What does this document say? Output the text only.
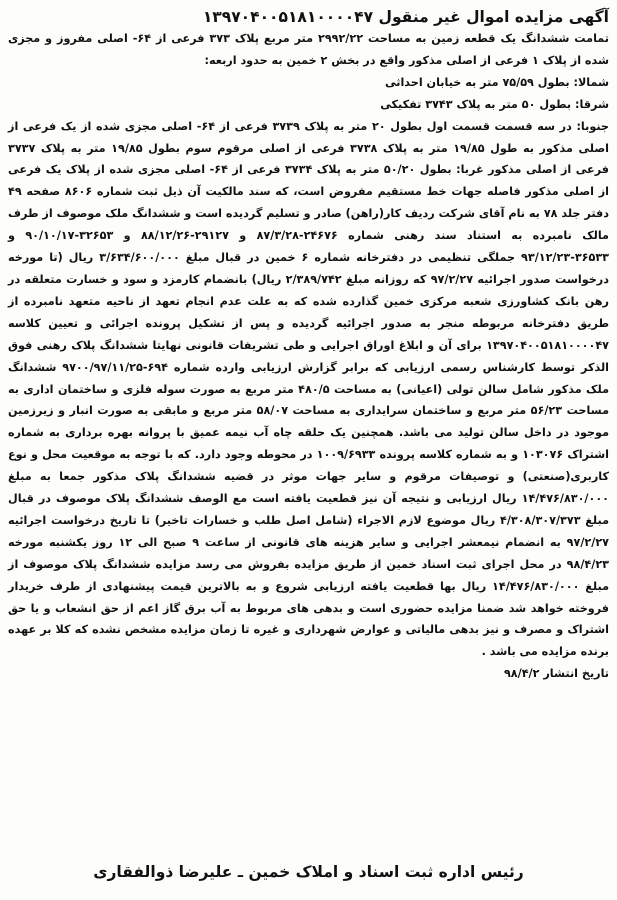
آگهی مزایده اموال غیر منقول ۱۳۹۷۰۴۰۰۵۱۸۱۰۰۰۰۴۷

تمامت ششدانگ یک قطعه زمین به مساحت ۲۹۹۲/۲۲ متر مربع پلاک ۳۷۳ فرعی از ۶۴- اصلی مفروز و مجزی شده از پلاک ۱ فرعی از اصلی مذکور واقع در بخش ۲ خمین به حدود اربعه:

شمالا: بطول ۷۵/۵۹ متر به خیابان احداثی

شرقا: بطول ۵۰ متر به پلاک ۳۷۴۳ تفکیکی

جنوبا: در سه قسمت قسمت اول بطول ۲۰ متر به پلاک ۳۷۳۹ فرعی از ۶۴- اصلی مجزی شده از یک فرعی از اصلی مذکور به طول ۱۹/۸۵ متر به پلاک ۳۷۳۸ فرعی از اصلی مرقوم سوم بطول ۱۹/۸۵ متر به پلاک ۳۷۳۷ فرعی از اصلی مذکور غربا: بطول ۵۰/۲۰ متر به پلاک ۳۷۳۴ فرعی از ۶۴- اصلی مجزی شده از پلاک یک فرعی از اصلی مذکور فاصله جهات خط مستقیم مفروض است، که سند مالکیت آن ذیل ثبت شماره ۸۶۰۶ صفحه ۴۹ دفتر جلد ۷۸ به نام آقای شرکت ردیف کار(راهن) صادر و تسلیم گردیده است و ششدانگ ملک موصوف از طرف مالک نامبرده به استناد سند رهنی شماره ۲۴۶۷۶-۸۷/۳/۲۸ و ۲۹۱۲۷-۸۸/۱۲/۲۶ و ۳۲۶۵۳-۹۰/۱۰/۱۷ و ۳۶۵۳۳-۹۳/۱۲/۲۳ جملگی تنظیمی در دفترخانه شماره ۶ خمین در قبال مبلغ ۳/۶۳۴/۶۰۰/۰۰۰ ریال (تا مورخه درخواست صدور اجرائیه ۹۷/۲/۲۷ که روزانه مبلغ ۲/۳۸۹/۷۴۲ ریال) بانضمام کارمزد و سود و خسارت متعلقه در رهن بانک کشاورزی شعبه مرکزی خمین گذارده شده که به علت عدم انجام تعهد از ناحیه متعهد نامبرده از طریق دفترخانه مربوطه منجر به صدور اجرائیه گردیده و پس از تشکیل پرونده اجرائی و تعیین کلاسه ۱۳۹۷۰۴۰۰۵۱۸۱۰۰۰۰۴۷ برای آن و ابلاغ اوراق اجرایی و طی تشریفات قانونی نهایتا ششدانگ پلاک رهنی فوق الذکر توسط کارشناس رسمی ارزیابی که برابر گزارش ارزیابی وارده شماره ۶۹۴-۹۷۰۰/۹۷/۱۱/۲۵ ششدانگ ملک مذکور شامل سالن تولی (اعیانی) به مساحت ۴۸۰/۵ متر مربع به صورت سوله فلزی و ساختمان اداری به مساحت ۵۶/۲۳ متر مربع و ساختمان سرایداری به مساحت ۵۸/۰۷ متر مربع و مابقی به صورت انبار و زیرزمین موجود در داخل سالن تولید می باشد. همچنین یک حلقه چاه آب نیمه عمیق با پروانه بهره برداری به شماره اشتراک ۱۰۳۰۷۶ و به شماره کلاسه پرونده ۱۰۰۹/۶۹۳۳ در محوطه وجود دارد. که با توجه به موقعیت محل و نوع کاربری(صنعتی) و توصیفات مرقوم و سایر جهات موثر در قضیه ششدانگ پلاک مذکور جمعا به مبلغ ۱۴/۴۷۶/۸۳۰/۰۰۰ ریال ارزیابی و نتیجه آن نیز قطعیت یافته است مع الوصف ششدانگ پلاک موصوف در قبال مبلغ ۴/۳۰۸/۳۰۷/۳۷۳ ریال موضوع لازم الاجراء (شامل اصل طلب و خسارات تاخیر) تا تاریخ درخواست اجرائیه ۹۷/۲/۲۷ به انضمام نیمعشر اجرایی و سایر هزینه های قانونی از ساعت ۹ صبح الی ۱۲ روز یکشنبه مورخه ۹۸/۴/۲۳ در محل اجرای ثبت اسناد خمین از طریق مزایده بفروش می رسد مزایده ششدانگ پلاک موصوف از مبلغ ۱۴/۴۷۶/۸۳۰/۰۰۰ ریال بها قطعیت یافته ارزیابی شروع و به بالاترین قیمت پیشنهادی از طرف خریدار فروخته خواهد شد ضمنا مزایده حضوری است و بدهی های مربوط به آب برق گاز اعم از حق انشعاب و یا حق اشتراک و مصرف و نیز بدهی مالیاتی و عوارض شهرداری و غیره تا زمان مزایده مشخص نشده که کلا بر عهده برنده مزایده می باشد .

تاریخ انتشار ۹۸/۴/۲
رئیس اداره ثبت اسناد و املاک خمین ـ علیرضا ذوالفقاری
